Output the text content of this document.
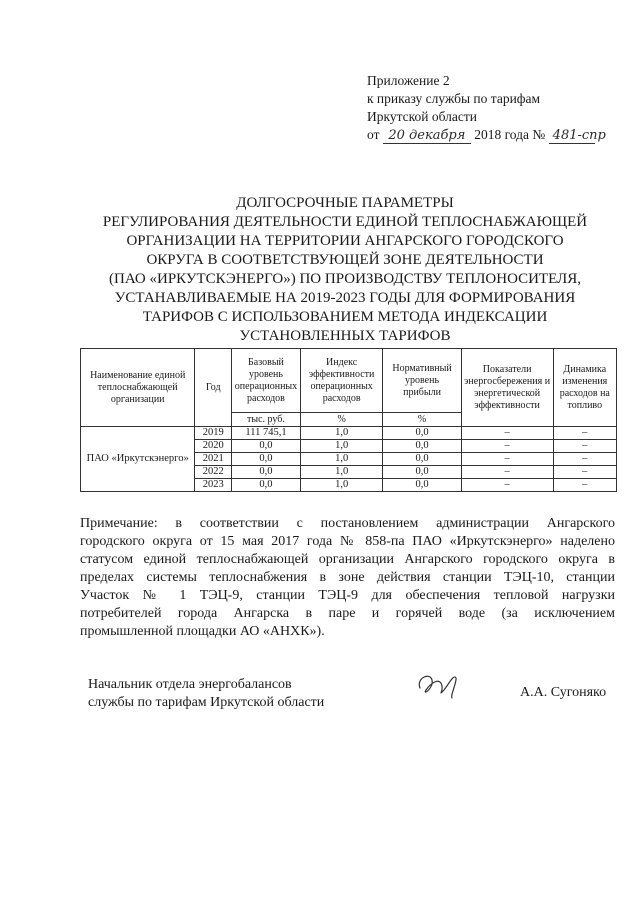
Приложение 2
к приказу службы по тарифам
Иркутской области
от 20 декабря 2018 года № 481-спр
ДОЛГОСРОЧНЫЕ ПАРАМЕТРЫ
РЕГУЛИРОВАНИЯ ДЕЯТЕЛЬНОСТИ ЕДИНОЙ ТЕПЛОСНАБЖАЮЩЕЙ
ОРГАНИЗАЦИИ НА ТЕРРИТОРИИ АНГАРСКОГО ГОРОДСКОГО
ОКРУГА В СООТВЕТСТВУЮЩЕЙ ЗОНЕ ДЕЯТЕЛЬНОСТИ
(ПАО «ИРКУТСКЭНЕРГО») ПО ПРОИЗВОДСТВУ ТЕПЛОНОСИТЕЛЯ,
УСТАНАВЛИВАЕМЫЕ НА 2019-2023 ГОДЫ ДЛЯ ФОРМИРОВАНИЯ
ТАРИФОВ С ИСПОЛЬЗОВАНИЕМ МЕТОДА ИНДЕКСАЦИИ
УСТАНОВЛЕННЫХ ТАРИФОВ
Наименование единой теплоснабжающей организации	Год	Базовый уровень операционных расходов	Индекс эффективности операционных расходов	Нормативный уровень прибыли	Показатели энергосбережения и энергетической эффективности	Динамика изменения расходов на топливо
		тыс. руб.	%	%		
ПАО «Иркутскэнерго»	2019	111 745,1	1,0	0,0	–	–
	2020	0,0	1,0	0,0	–	–
	2021	0,0	1,0	0,0	–	–
	2022	0,0	1,0	0,0	–	–
	2023	0,0	1,0	0,0	–	–
Примечание: в соответствии с постановлением администрации Ангарского
городского округа от 15 мая 2017 года № 858-па ПАО «Иркутскэнерго» наделено
статусом единой теплоснабжающей организации Ангарского городского округа в
пределах системы теплоснабжения в зоне действия станции ТЭЦ-10, станции
Участок № 1 ТЭЦ-9, станции ТЭЦ-9 для обеспечения тепловой нагрузки
потребителей города Ангарска в паре и горячей воде (за исключением
промышленной площадки АО «АНХК»).
Начальник отдела энергобалансов
службы по тарифам Иркутской области
А.А. Сугоняко
